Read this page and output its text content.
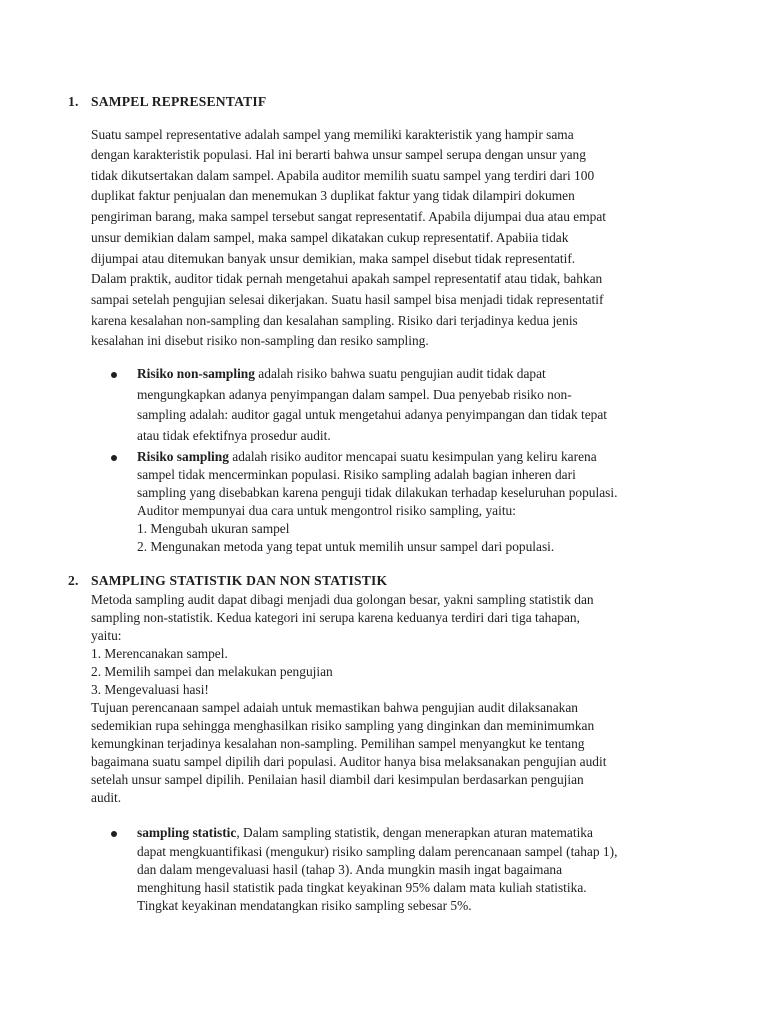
1. SAMPEL REPRESENTATIF
Suatu sampel representative adalah sampel yang memiliki karakteristik yang hampir sama
dengan karakteristik populasi. Hal ini berarti bahwa unsur sampel serupa dengan unsur yang
tidak dikutsertakan dalam sampel. Apabila auditor memilih suatu sampel yang terdiri dari 100
duplikat faktur penjualan dan menemukan 3 duplikat faktur yang tidak dilampiri dokumen
pengiriman barang, maka sampel tersebut sangat representatif. Apabila dijumpai dua atau empat
unsur demikian dalam sampel, maka sampel dikatakan cukup representatif. Apabiia tidak
dijumpai atau ditemukan banyak unsur demikian, maka sampel disebut tidak representatif.
Dalam praktik, auditor tidak pernah mengetahui apakah sampel representatif atau tidak, bahkan
sampai setelah pengujian selesai dikerjakan. Suatu hasil sampel bisa menjadi tidak representatif
karena kesalahan non-sampling dan kesalahan sampling. Risiko dari terjadinya kedua jenis
kesalahan ini disebut risiko non-sampling dan resiko sampling.
Risiko non-sampling adalah risiko bahwa suatu pengujian audit tidak dapat
mengungkapkan adanya penyimpangan dalam sampel. Dua penyebab risiko non-
sampling adalah: auditor gagal untuk mengetahui adanya penyimpangan dan tidak tepat
atau tidak efektifnya prosedur audit.
Risiko sampling adalah risiko auditor mencapai suatu kesimpulan yang keliru karena
sampel tidak mencerminkan populasi. Risiko sampling adalah bagian inheren dari
sampling yang disebabkan karena penguji tidak dilakukan terhadap keseluruhan populasi.
Auditor mempunyai dua cara untuk mengontrol risiko sampling, yaitu:
1. Mengubah ukuran sampel
2. Mengunakan metoda yang tepat untuk memilih unsur sampel dari populasi.
2. SAMPLING STATISTIK DAN NON STATISTIK
Metoda sampling audit dapat dibagi menjadi dua golongan besar, yakni sampling statistik dan
sampling non-statistik. Kedua kategori ini serupa karena keduanya terdiri dari tiga tahapan,
yaitu:
1. Merencanakan sampel.
2. Memilih sampei dan melakukan pengujian
3. Mengevaluasi hasi!
Tujuan perencanaan sampel adaiah untuk memastikan bahwa pengujian audit dilaksanakan
sedemikian rupa sehingga menghasilkan risiko sampling yang dinginkan dan meminimumkan
kemungkinan terjadinya kesalahan non-sampling. Pemilihan sampel menyangkut ke tentang
bagaimana suatu sampel dipilih dari populasi. Auditor hanya bisa melaksanakan pengujian audit
setelah unsur sampel dipilih. Penilaian hasil diambil dari kesimpulan berdasarkan pengujian
audit.
sampling statistic, Dalam sampling statistik, dengan menerapkan aturan matematika
dapat mengkuantifikasi (mengukur) risiko sampling dalam perencanaan sampel (tahap 1),
dan dalam mengevaluasi hasil (tahap 3). Anda mungkin masih ingat bagaimana
menghitung hasil statistik pada tingkat keyakinan 95% dalam mata kuliah statistika.
Tingkat keyakinan mendatangkan risiko sampling sebesar 5%.
